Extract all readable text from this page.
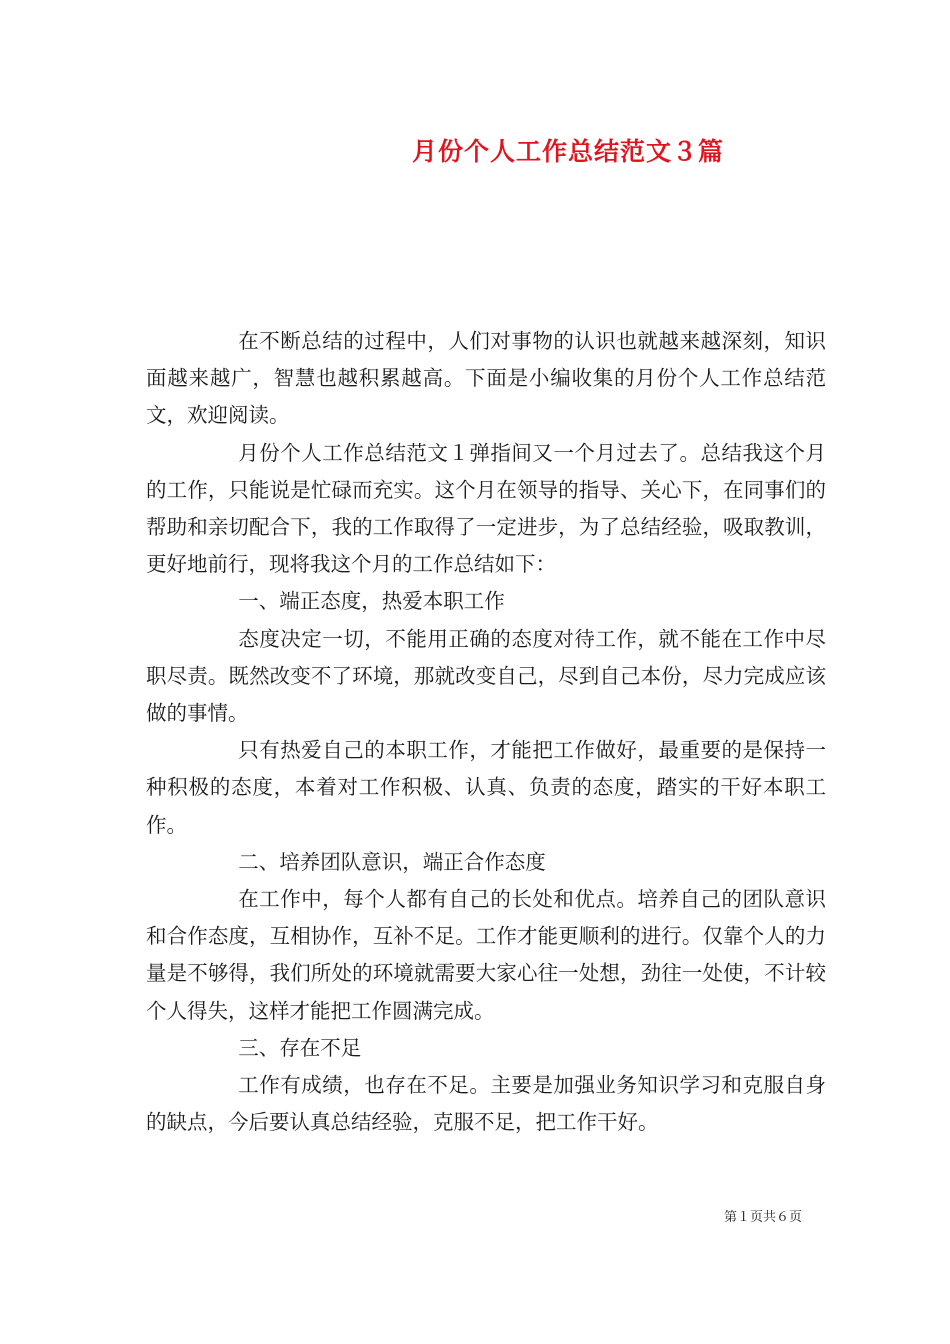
月份个人工作总结范文３篇

在不断总结的过程中，人们对事物的认识也就越来越深刻，知识面越来越广，智慧也越积累越高。下面是小编收集的月份个人工作总结范文，欢迎阅读。

月份个人工作总结范文１弹指间又一个月过去了。总结我这个月的工作，只能说是忙碌而充实。这个月在领导的指导、关心下，在同事们的帮助和亲切配合下，我的工作取得了一定进步，为了总结经验，吸取教训，更好地前行，现将我这个月的工作总结如下：

一、端正态度，热爱本职工作

态度决定一切，不能用正确的态度对待工作，就不能在工作中尽职尽责。既然改变不了环境，那就改变自己，尽到自己本份，尽力完成应该做的事情。

只有热爱自己的本职工作，才能把工作做好，最重要的是保持一种积极的态度，本着对工作积极、认真、负责的态度，踏实的干好本职工作。

二、培养团队意识，端正合作态度

在工作中，每个人都有自己的长处和优点。培养自己的团队意识和合作态度，互相协作，互补不足。工作才能更顺利的进行。仅靠个人的力量是不够得，我们所处的环境就需要大家心往一处想，劲往一处使，不计较个人得失，这样才能把工作圆满完成。

三、存在不足

工作有成绩，也存在不足。主要是加强业务知识学习和克服自身的缺点，今后要认真总结经验，克服不足，把工作干好。

第１页共６页
